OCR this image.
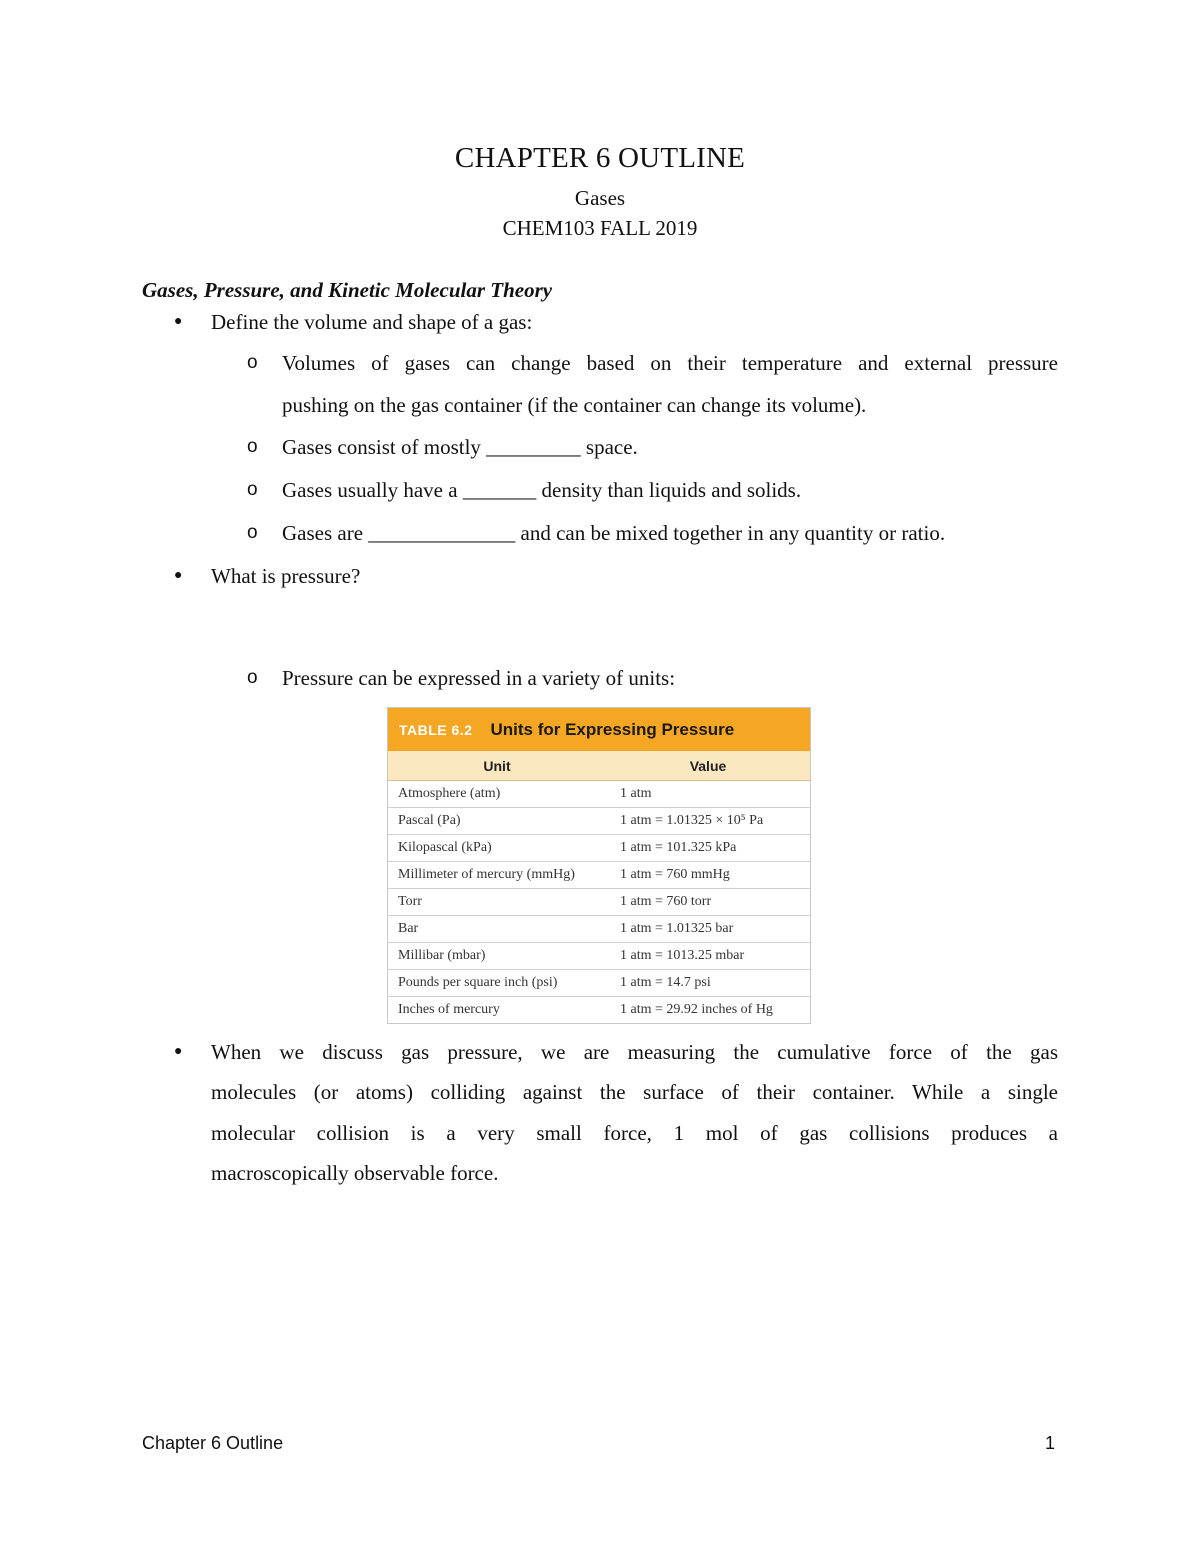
CHAPTER 6 OUTLINE
Gases
CHEM103 FALL 2019
Gases, Pressure, and Kinetic Molecular Theory
● Define the volume and shape of a gas:
o Volumes of gases can change based on their temperature and external pressure
pushing on the gas container (if the container can change its volume).
o Gases consist of mostly _________ space.
o Gases usually have a _______ density than liquids and solids.
o Gases are ______________ and can be mixed together in any quantity or ratio.
● What is pressure?
o Pressure can be expressed in a variety of units:
TABLE 6.2 Units for Expressing Pressure
Unit	Value
Atmosphere (atm)	1 atm
Pascal (Pa)	1 atm = 1.01325 × 10⁵ Pa
Kilopascal (kPa)	1 atm = 101.325 kPa
Millimeter of mercury (mmHg)	1 atm = 760 mmHg
Torr	1 atm = 760 torr
Bar	1 atm = 1.01325 bar
Millibar (mbar)	1 atm = 1013.25 mbar
Pounds per square inch (psi)	1 atm = 14.7 psi
Inches of mercury	1 atm = 29.92 inches of Hg
● When we discuss gas pressure, we are measuring the cumulative force of the gas
molecules (or atoms) colliding against the surface of their container. While a single
molecular collision is a very small force, 1 mol of gas collisions produces a
macroscopically observable force.
Chapter 6 Outline	1
